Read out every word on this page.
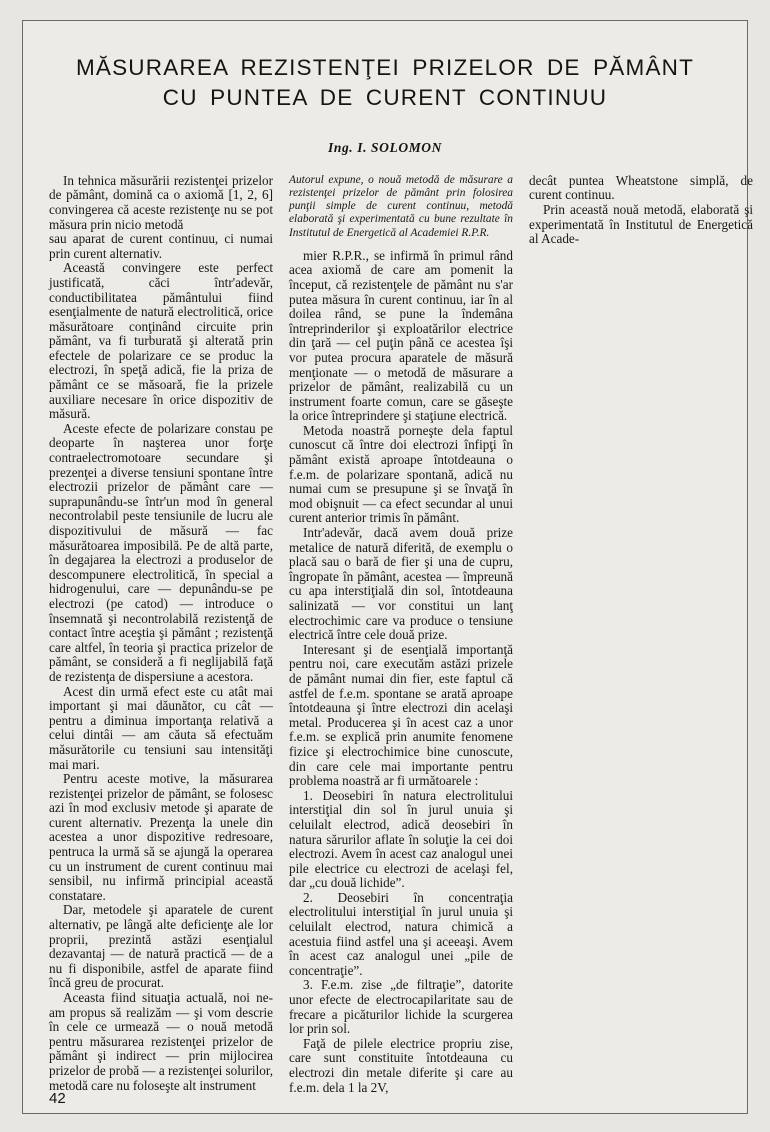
MĂSURAREA REZISTENŢEI PRIZELOR DE PĂMÂNT
CU PUNTEA DE CURENT CONTINUU
Ing. I. SOLOMON

In tehnica măsurării rezistenţei prizelor de pământ, domină ca o axiomă [1, 2, 6] convingerea că aceste rezistenţe nu se pot măsura prin nicio metodă

sau aparat de curent continuu, ci numai prin curent alternativ.

Această convingere este perfect justificată, căci într'adevăr, conductibilitatea pământului fiind esenţialmente de natură electrolitică, orice măsurătoare conţinând circuite prin pământ, va fi turburată şi alterată prin efectele de polarizare ce se produc la electrozi, în speţă adică, fie la priza de pământ ce se măsoară, fie la prizele auxiliare necesare în orice dispozitiv de măsură.

Aceste efecte de polarizare constau pe deoparte în naşterea unor forţe contraelectromotoare secundare şi prezenţei a diverse tensiuni spontane între electrozii prizelor de pământ care — suprapunându-se într'un mod în general necontrolabil peste tensiunile de lucru ale dispozitivului de măsură — fac măsurătoarea imposibilă. Pe de altă parte, în degajarea la electrozi a produselor de descompunere electrolitică, în special a hidrogenului, care — depunându-se pe electrozi (pe catod) — introduce o însemnată şi necontrolabilă rezistenţă de contact între aceştia şi pământ ; rezistenţă care altfel, în teoria şi practica prizelor de pământ, se consideră a fi neglijabilă faţă de rezistenţa de dispersiune a acestora.

Acest din urmă efect este cu atât mai important şi mai dăunător, cu cât — pentru a diminua importanţa relativă a celui dintâi — am căuta să efectuăm măsurătorile cu tensiuni sau intensităţi mai mari.

Pentru aceste motive, la măsurarea rezistenţei prizelor de pământ, se folosesc azi în mod exclusiv metode şi aparate de curent alternativ. Prezenţa la unele din acestea a unor dispozitive redresoare, pentruca la urmă să se ajungă la operarea cu un instrument de curent continuu mai sensibil, nu infirmă principial această constatare.

Dar, metodele şi aparatele de curent alternativ, pe lângă alte deficienţe ale lor proprii, prezintă astăzi esenţialul dezavantaj — de natură practică — de a nu fi disponibile, astfel de aparate fiind încă greu de procurat.

Aceasta fiind situaţia actuală, noi ne-am propus să realizăm — şi vom descrie în cele ce urmează — o nouă metodă pentru măsurarea rezistenţei prizelor de pământ şi indirect — prin mijlocirea prizelor de probă — a rezistenţei solurilor, metodă care nu foloseşte alt instrument

Autorul expune, o nouă metodă de măsurare a rezistenţei prizelor de pământ prin folosirea punţii simple de curent continuu, metodă elaborată şi experimentată cu bune rezultate în Institutul de Energetică al Academiei R.P.R.

mier R.P.R., se infirmă în primul rând acea axiomă de care am pomenit la început, că rezistenţele de pământ nu s'ar putea măsura în curent continuu, iar în al doilea rând, se pune la îndemâna întreprinderilor şi exploatărilor electrice din ţară — cel puţin până ce acestea îşi vor putea procura aparatele de măsură menţionate — o metodă de măsurare a prizelor de pământ, realizabilă cu un instrument foarte comun, care se găseşte la orice întreprindere şi staţiune electrică.

Metoda noastră porneşte dela faptul cunoscut că între doi electrozi înfipţi în pământ există aproape întotdeauna o f.e.m. de polarizare spontană, adică nu numai cum se presupune şi se învaţă în mod obişnuit — ca efect secundar al unui curent anterior trimis în pământ.

Intr'adevăr, dacă avem două prize metalice de natură diferită, de exemplu o placă sau o bară de fier şi una de cupru, îngropate în pământ, acestea — împreună cu apa interstiţială din sol, întotdeauna salinizată — vor constitui un lanţ electrochimic care va produce o tensiune electrică între cele două prize.

Interesant şi de esenţială importanţă pentru noi, care executăm astăzi prizele de pământ numai din fier, este faptul că astfel de f.e.m. spontane se arată aproape întotdeauna şi între electrozi din acelaşi metal. Producerea şi în acest caz a unor f.e.m. se explică prin anumite fenomene fizice şi electrochimice bine cunoscute, din care cele mai importante pentru problema noastră ar fi următoarele :

1. Deosebiri în natura electrolitului interstiţial din sol în jurul unuia şi celuilalt electrod, adică deosebiri în natura sărurilor aflate în soluţie la cei doi electrozi. Avem în acest caz analogul unei pile electrice cu electrozi de acelaşi fel, dar „cu două lichide”.

2. Deosebiri în concentraţia electrolitului interstiţial în jurul unuia şi celuilalt electrod, natura chimică a acestuia fiind astfel una şi aceeaşi. Avem în acest caz analogul unei „pile de concentraţie”.

3. F.e.m. zise „de filtraţie”, datorite unor efecte de electrocapilaritate sau de frecare a picăturilor lichide la scurgerea lor prin sol.

Faţă de pilele electrice propriu zise, care sunt constituite întotdeauna cu electrozi din metale diferite şi care au f.e.m. dela 1 la 2V,

decât puntea Wheatstone simplă, de curent continuu.

Prin această nouă metodă, elaborată şi experimentată în Institutul de Energetică al Acade-

42
